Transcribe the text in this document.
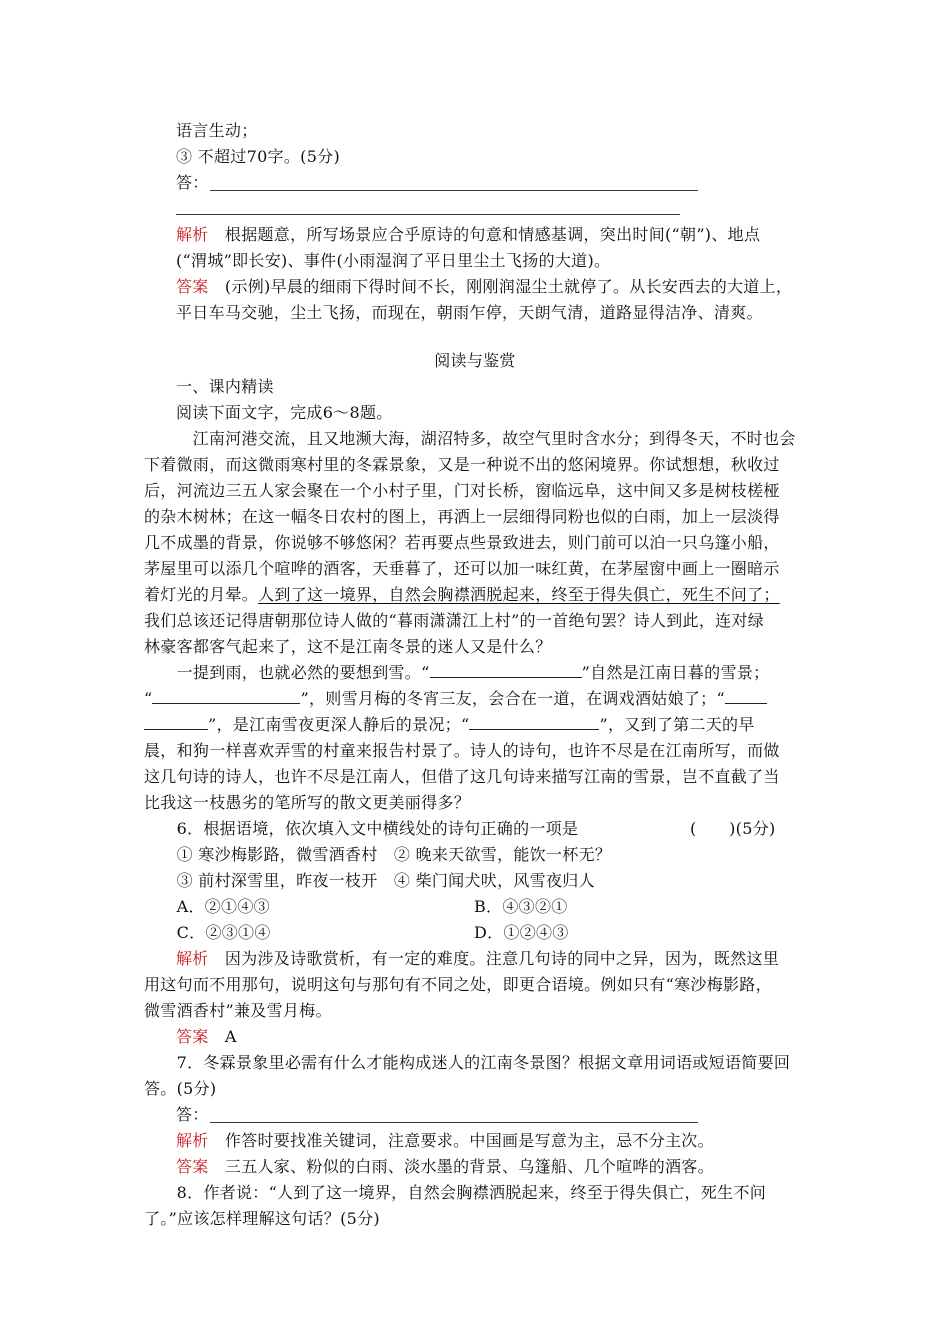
语言生动；
③ 不超过70字。(5分)
答：
解析　根据题意，所写场景应合乎原诗的句意和情感基调，突出时间(“朝”)、地点
(“渭城”即长安)、事件(小雨湿润了平日里尘土飞扬的大道)。
答案　(示例)早晨的细雨下得时间不长，刚刚润湿尘土就停了。从长安西去的大道上，
平日车马交驰，尘土飞扬，而现在，朝雨乍停，天朗气清，道路显得洁净、清爽。
阅读与鉴赏
一、课内精读
阅读下面文字，完成6～8题。
　　江南河港交流，且又地濒大海，湖沼特多，故空气里时含水分；到得冬天，不时也会
下着微雨，而这微雨寒村里的冬霖景象，又是一种说不出的悠闲境界。你试想想，秋收过
后，河流边三五人家会聚在一个小村子里，门对长桥，窗临远阜，这中间又多是树枝槎桠
的杂木树林；在这一幅冬日农村的图上，再洒上一层细得同粉也似的白雨，加上一层淡得
几不成墨的背景，你说够不够悠闲？若再要点些景致进去，则门前可以泊一只乌篷小船，
茅屋里可以添几个喧哗的酒客，天垂暮了，还可以加一味红黄，在茅屋窗中画上一圈暗示
着灯光的月晕。人到了这一境界，自然会胸襟洒脱起来，终至于得失俱亡，死生不问了；
我们总该还记得唐朝那位诗人做的“暮雨潇潇江上村”的一首绝句罢？诗人到此，连对绿
林豪客都客气起来了，这不是江南冬景的迷人又是什么？
　　一提到雨，也就必然的要想到雪。“	”自然是江南日暮的雪景；
“	”，则雪月梅的冬宵三友，会合在一道，在调戏酒姑娘了；“
”，是江南雪夜更深人静后的景况；“	”，又到了第二天的早
晨，和狗一样喜欢弄雪的村童来报告村景了。诗人的诗句，也许不尽是在江南所写，而做
这几句诗的诗人，也许不尽是江南人，但借了这几句诗来描写江南的雪景，岂不直截了当
比我这一枝愚劣的笔所写的散文更美丽得多？
　　6．根据语境，依次填入文中横线处的诗句正确的一项是	(　　)(5分)
　　① 寒沙梅影路，微雪酒香村　② 晚来天欲雪，能饮一杯无？
　　③ 前村深雪里，昨夜一枝开　④ 柴门闻犬吠，风雪夜归人
　　A．②①④③	B．④③②①
　　C．②③①④	D．①②④③
解析　因为涉及诗歌赏析，有一定的难度。注意几句诗的同中之异，因为，既然这里
用这句而不用那句，说明这句与那句有不同之处，即更合语境。例如只有“寒沙梅影路，
微雪酒香村”兼及雪月梅。
答案　A
　　7．冬霖景象里必需有什么才能构成迷人的江南冬景图？根据文章用词语或短语简要回
答。(5分)
答：
解析　作答时要找准关键词，注意要求。中国画是写意为主，忌不分主次。
答案　三五人家、粉似的白雨、淡水墨的背景、乌篷船、几个喧哗的酒客。
　　8．作者说：“人到了这一境界，自然会胸襟洒脱起来，终至于得失俱亡，死生不问
了。”应该怎样理解这句话？(5分)
